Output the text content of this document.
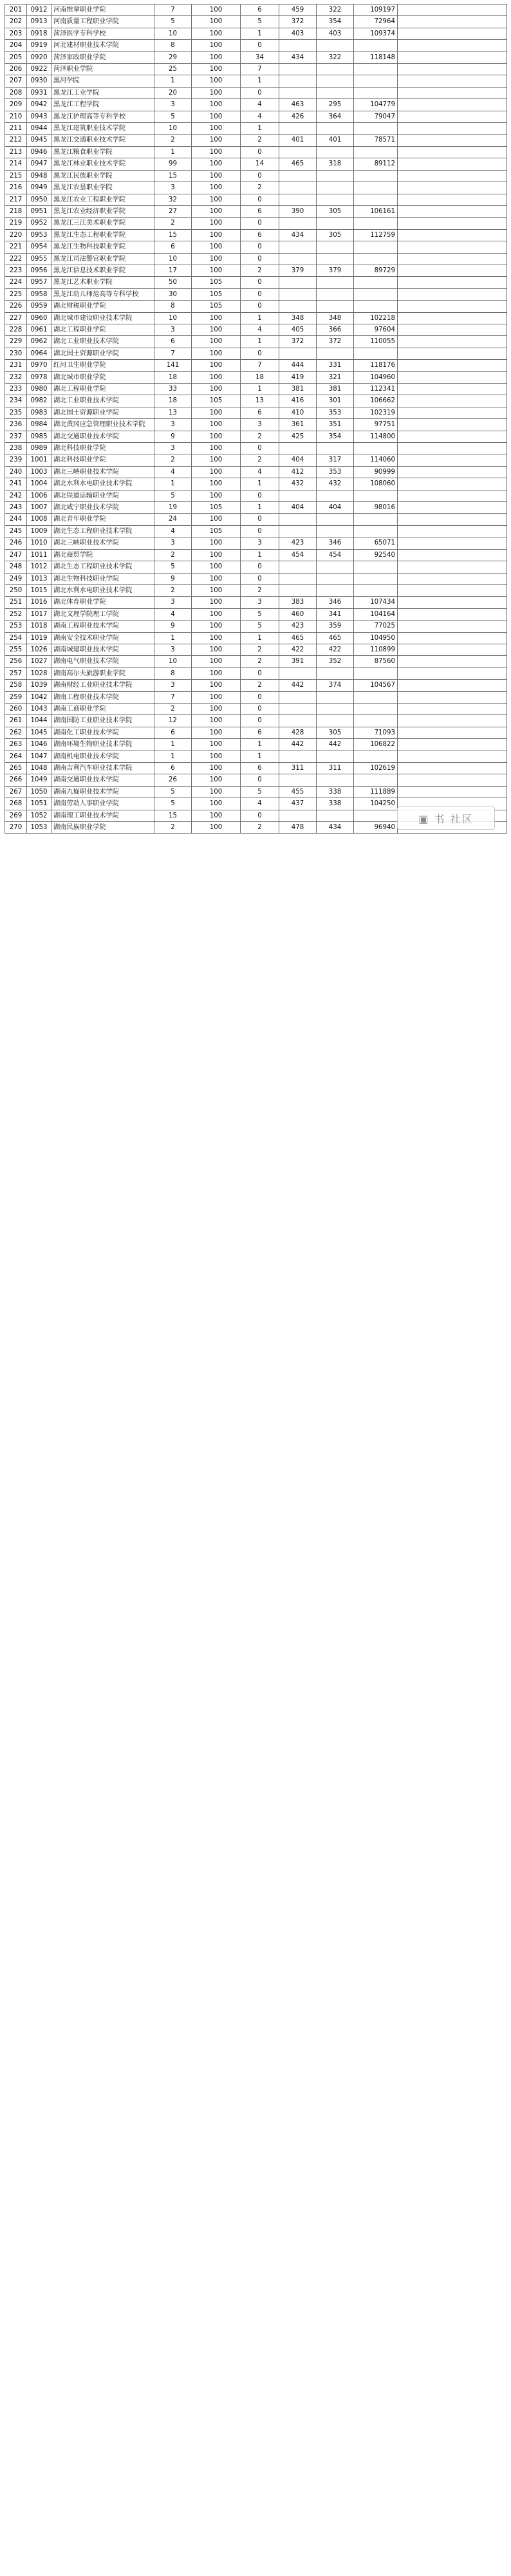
201	0912	河南推拿职业学院	7	100	6	459	322	109197	
202	0913	河南质量工程职业学院	5	100	5	372	354	72964	
203	0918	菏泽医学专科学校	10	100	1	403	403	109374	
204	0919	河北建材职业技术学院	8	100	0				
205	0920	菏泽家政职业学院	29	100	34	434	322	118148	
206	0922	菏泽职业学院	25	100	7				
207	0930	黑河学院	1	100	1				
208	0931	黑龙江工业学院	20	100	0				
209	0942	黑龙江工程学院	3	100	4	463	295	104779	
210	0943	黑龙江护理高等专科学校	5	100	4	426	364	79047	
211	0944	黑龙江建筑职业技术学院	10	100	1				
212	0945	黑龙江交通职业技术学院	2	100	2	401	401	78571	
213	0946	黑龙江粮食职业学院	1	100	0				
214	0947	黑龙江林业职业技术学院	99	100	14	465	318	89112	
215	0948	黑龙江民族职业学院	15	100	0				
216	0949	黑龙江农垦职业学院	3	100	2				
217	0950	黑龙江农业工程职业学院	32	100	0				
218	0951	黑龙江农业经济职业学院	27	100	6	390	305	106161	
219	0952	黑龙江三江美术职业学院	2	100	0				
220	0953	黑龙江生态工程职业学院	15	100	6	434	305	112759	
221	0954	黑龙江生物科技职业学院	6	100	0				
222	0955	黑龙江司法警官职业学院	10	100	0				
223	0956	黑龙江信息技术职业学院	17	100	2	379	379	89729	
224	0957	黑龙江艺术职业学院	50	105	0				
225	0958	黑龙江幼儿师范高等专科学校	30	105	0				
226	0959	湖北财税职业学院	8	105	0				
227	0960	湖北城市建设职业技术学院	10	100	1	348	348	102218	
228	0961	湖北工程职业学院	3	100	4	405	366	97604	
229	0962	湖北工业职业技术学院	6	100	1	372	372	110055	
230	0964	湖北国土资源职业学院	7	100	0				
231	0970	红河卫生职业学院	141	100	7	444	331	118176	
232	0978	湖北城市职业学院	18	100	18	419	321	104960	
233	0980	湖北工程职业学院	33	100	1	381	381	112341	
234	0982	湖北工业职业技术学院	18	105	13	416	301	106662	
235	0983	湖北国土资源职业学院	13	100	6	410	353	102319	
236	0984	湖北黄冈应急管理职业技术学院	3	100	3	361	351	97751	
237	0985	湖北交通职业技术学院	9	100	2	425	354	114800	
238	0989	湖北科技职业学院	3	100	0				
239	1001	湖北科技职业学院	2	100	2	404	317	114060	
240	1003	湖北三峡职业技术学院	4	100	4	412	353	90999	
241	1004	湖北水利水电职业技术学院	1	100	1	432	432	108060	
242	1006	湖北铁道运输职业学院	5	100	0				
243	1007	湖北咸宁职业技术学院	19	105	1	404	404	98016	
244	1008	湖北青年职业学院	24	100	0				
245	1009	湖北生态工程职业技术学院	4	105	0				
246	1010	湖北三峡职业技术学院	3	100	3	423	346	65071	
247	1011	湖北商贸学院	2	100	1	454	454	92540	
248	1012	湖北生态工程职业技术学院	5	100	0				
249	1013	湖北生物科技职业学院	9	100	0				
250	1015	湖北水利水电职业技术学院	2	100	2				
251	1016	湖北体育职业学院	3	100	3	383	346	107434	
252	1017	湖北文理学院理工学院	4	100	5	460	341	104164	
253	1018	湖南工程职业技术学院	9	100	5	423	359	77025	
254	1019	湖南安全技术职业学院	1	100	1	465	465	104950	
255	1026	湖南城建职业技术学院	3	100	2	422	422	110899	
256	1027	湖南电气职业技术学院	10	100	2	391	352	87560	
257	1028	湖南高尔夫旅游职业学院	8	100	0				
258	1039	湖南财经工业职业技术学院	3	100	2	442	374	104567	
259	1042	湖南工程职业技术学院	7	100	0				
260	1043	湖南工商职业学院	2	100	0				
261	1044	湖南国防工业职业技术学院	12	100	0				
262	1045	湖南化工职业技术学院	6	100	6	428	305	71093	
263	1046	湖南环境生物职业技术学院	1	100	1	442	442	106822	
264	1047	湖南机电职业技术学院	1	100	1				
265	1048	湖南吉利汽车职业技术学院	6	100	6	311	311	102619	
266	1049	湖南交通职业技术学院	26	100	0				
267	1050	湖南九嶷职业技术学院	5	100	5	455	338	111889	
268	1051	湖南劳动人事职业学院	5	100	4	437	338	104250	
269	1052	湖南理工职业技术学院	15	100	0				
270	1053	湖南民族职业学院	2	100	2	478	434	96940	
▣ 书 社区
